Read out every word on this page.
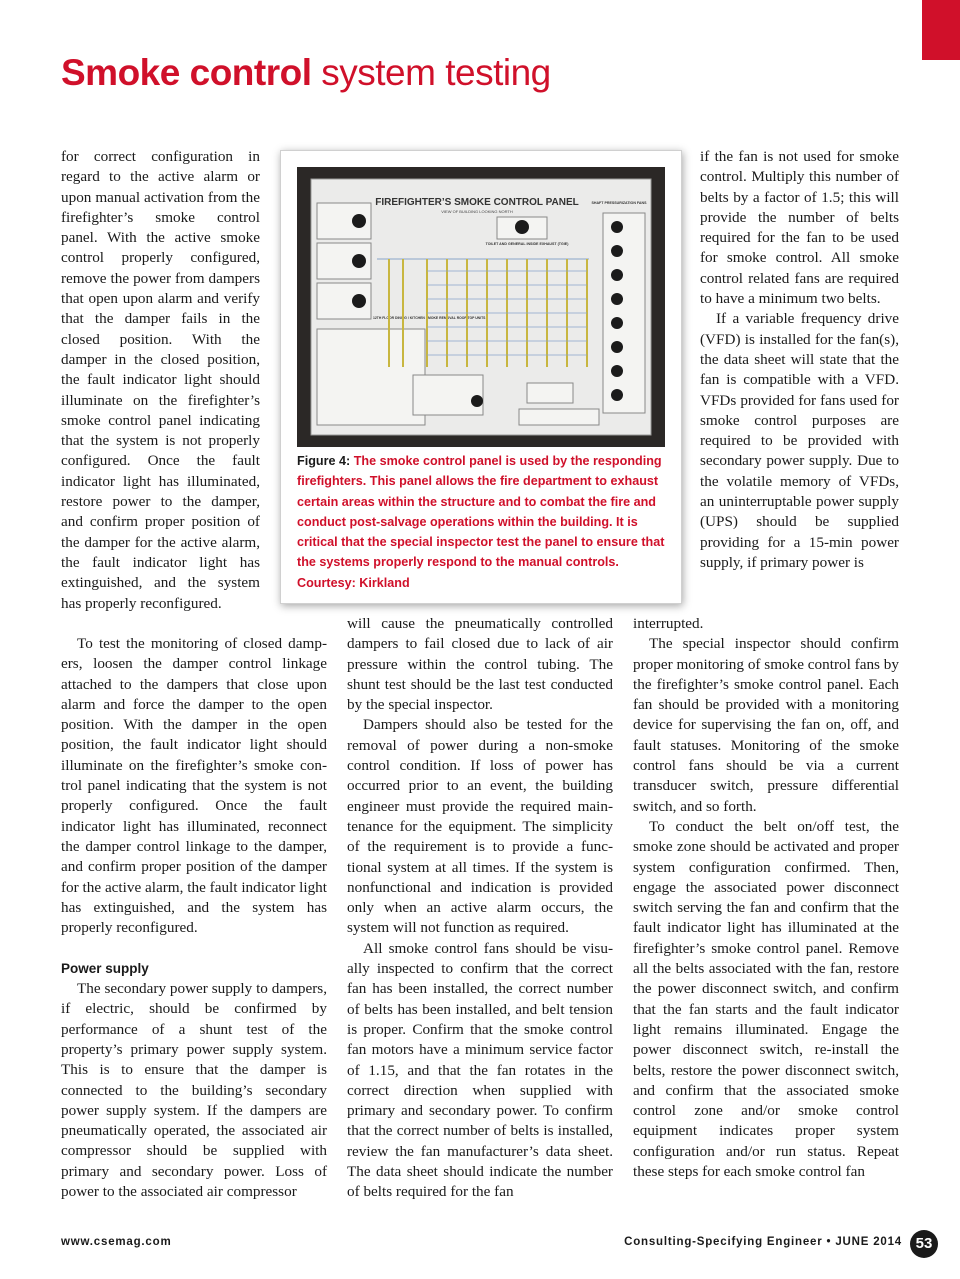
Smoke control system testing

for correct configuration in regard to the active alarm or upon manual activation from the firefighter’s smoke control panel. With the active smoke control properly configured, remove the power from dampers that open upon alarm and verify that the damper fails in the closed position. With the damper in the closed position, the fault indicator light should illuminate on the firefighter’s smoke control panel indicating that the system is not properly configured. Once the fault indicator light has illuminated, restore power to the damper, and confirm proper position of the damper for the active alarm, the fault indicator light has extinguished, and the system has properly reconfigured.

To test the monitoring of closed dampers, loosen the damper control linkage attached to the dampers that close upon alarm and force the damper to the open position. With the damper in the open position, the fault indicator light should illuminate on the firefighter’s smoke control panel indicating that the system is not properly configured. Once the fault indicator light has illuminated, reconnect the damper control linkage to the damper, and confirm proper position of the damper for the active alarm, the fault indicator light has extinguished, and the system has properly reconfigured.

Power supply

The secondary power supply to dampers, if electric, should be confirmed by performance of a shunt test of the property’s primary power supply system. This is to ensure that the damper is connected to the building’s secondary power supply system. If the dampers are pneumatically operated, the associated air compressor should be supplied with primary and secondary power. Loss of power to the associated air compressor

FIREFIGHTER’S SMOKE CONTROL PANEL
VIEW OF BUILDING LOOKING NORTH
SHAFT PRESSURIZATION FANS
TOILET AND GENERAL INSIDE EXHAUST (TGIE)
12TH FLOOR DINING / KITCHEN SMOKE REMOVAL ROOF TOP UNITS
Figure 4: The smoke control panel is used by the responding firefighters. This panel allows the fire department to exhaust certain areas within the structure and to combat the fire and conduct post-salvage operations within the building. It is critical that the special inspector test the panel to ensure that the systems properly respond to the manual controls. Courtesy: Kirkland

will cause the pneumatically controlled dampers to fail closed due to lack of air pressure within the control tubing. The shunt test should be the last test conducted by the special inspector.

Dampers should also be tested for the removal of power during a non-smoke control condition. If loss of power has occurred prior to an event, the building engineer must provide the required maintenance for the equipment. The simplicity of the requirement is to provide a functional system at all times. If the system is nonfunctional and indication is provided only when an active alarm occurs, the system will not function as required.

All smoke control fans should be visually inspected to confirm that the correct fan has been installed, the correct number of belts has been installed, and belt tension is proper. Confirm that the smoke control fan motors have a minimum service factor of 1.15, and that the fan rotates in the correct direction when supplied with primary and secondary power. To confirm that the correct number of belts is installed, review the fan manufacturer’s data sheet. The data sheet should indicate the number of belts required for the fan

if the fan is not used for smoke control. Multiply this number of belts by a factor of 1.5; this will provide the number of belts required for the fan to be used for smoke control. All smoke control related fans are required to have a minimum two belts.

If a variable frequency drive (VFD) is installed for the fan(s), the data sheet will state that the fan is compatible with a VFD. VFDs provided for fans used for smoke control purposes are required to be provided with secondary power supply. Due to the volatile memory of VFDs, an uninterruptable power supply (UPS) should be supplied providing for a 15-min power supply, if primary power is

interrupted.

The special inspector should confirm proper monitoring of smoke control fans by the firefighter’s smoke control panel. Each fan should be provided with a monitoring device for supervising the fan on, off, and fault statuses. Monitoring of the smoke control fans should be via a current transducer switch, pressure differential switch, and so forth.

To conduct the belt on/off test, the smoke zone should be activated and proper system configuration confirmed. Then, engage the associated power disconnect switch serving the fan and confirm that the fault indicator light has illuminated at the firefighter’s smoke control panel. Remove all the belts associated with the fan, restore the power disconnect switch, and confirm that the fan starts and the fault indicator light remains illuminated. Engage the power disconnect switch, re-install the belts, restore the power disconnect switch, and confirm that the associated smoke control zone and/or smoke control equipment indicates proper system configuration and/or run status. Repeat these steps for each smoke control fan

www.csemag.com	Consulting-Specifying Engineer • JUNE 2014 53
